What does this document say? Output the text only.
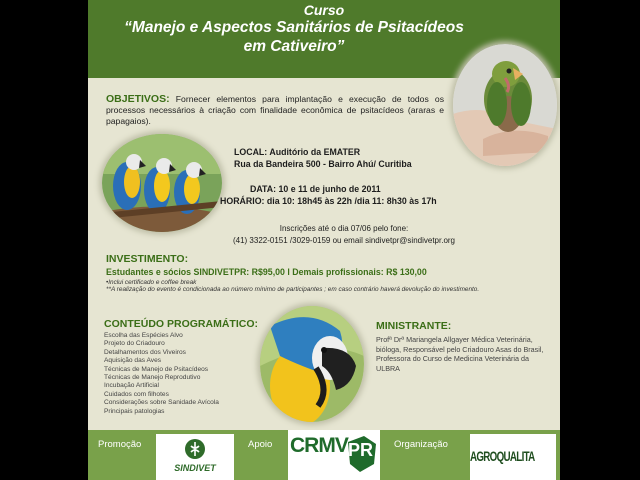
Curso
“Manejo e Aspectos Sanitários de Psitacídeos em Cativeiro”
OBJETIVOS: Fornecer elementos para implantação e execução de todos os processos necessários à criação com finalidade econômica de psitacídeos (araras e papagaios).
LOCAL: Auditório da EMATER
Rua da Bandeira 500 - Bairro Ahú/ Curitiba
DATA: 10 e 11 de junho de 2011
HORÁRIO: dia 10: 18h45 às 22h /dia 11: 8h30 às 17h
Inscrições até o dia 07/06 pelo fone:
(41) 3322-0151 /3029-0159 ou email sindivetpr@sindivetpr.org
INVESTIMENTO:
Estudantes e sócios SINDIVETPR: R$95,00 l Demais profissionais: R$ 130,00
•Inclui certificado e coffee break
**A realização do evento é condicionada ao número mínimo de participantes ; em caso contrário haverá devolução do investimento.
CONTEÚDO PROGRAMÁTICO:
Escolha das Espécies Alvo
Projeto do Criadouro
Detalhamentos dos Viveiros
Aquisição das Aves
Técnicas de Manejo de Psitacídeos
Técnicas de Manejo Reprodutivo
Incubação Artificial
Cuidados com filhotes
Considerações sobre Sanidade Avícola
Principais patologias
MINISTRANTE:
Profª Drª Mariangela Allgayer Médica Veterinária, bióloga, Responsável pelo Criadouro Asas do Brasil, Professora do Curso de Medicina Veterinária da ULBRA
Promoção
SINDIVET
Apoio CRMV PR Organização
AGROQUALITA
